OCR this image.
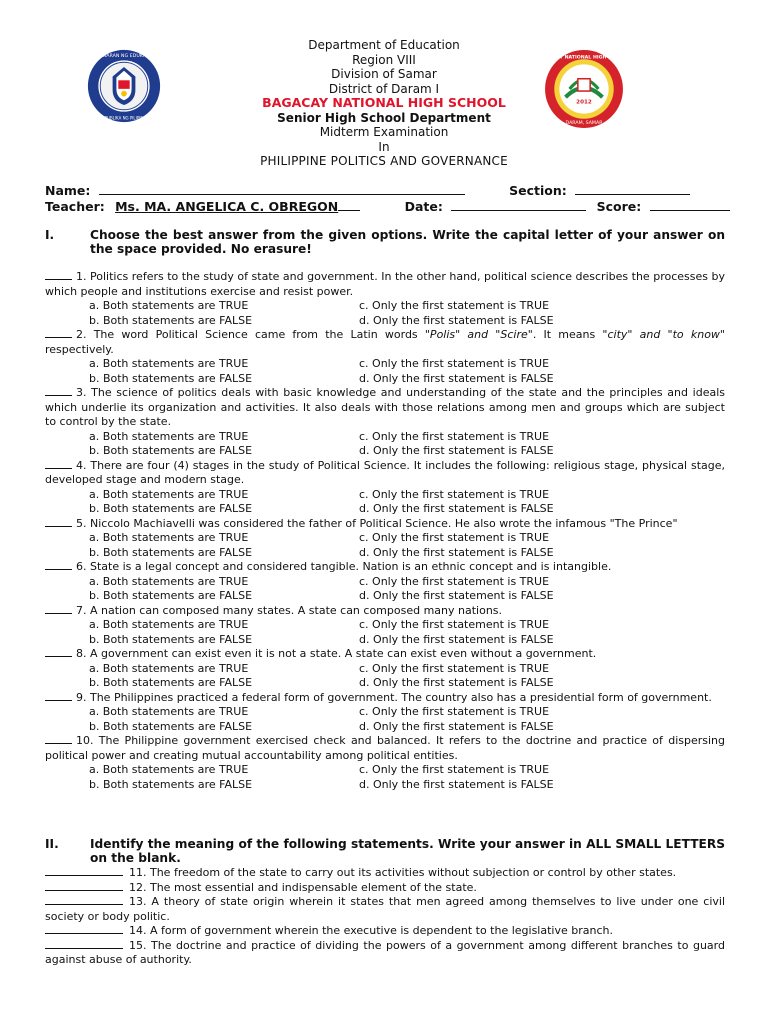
KAGAWARAN NG EDUKASYON
REPUBLIKA NG PILIPINAS
2012
BAGACAY NATIONAL HIGH SCHOOL
DARAM, SAMAR
Department of Education
Region VIII
Division of Samar
District of Daram I
BAGACAY NATIONAL HIGH SCHOOL
Senior High School Department
Midterm Examination
In
PHILIPPINE POLITICS AND GOVERNANCE
Name:	Section:
Teacher: Ms. MA. ANGELICA C. OBREGON	Date:	Score:
I.	Choose the best answer from the given options. Write the capital letter of your answer on the space provided. No erasure!
1. Politics refers to the study of state and government. In the other hand, political science describes the processes by which people and institutions exercise and resist power.
a. Both statements are TRUE	c. Only the first statement is TRUE
b. Both statements are FALSE	d. Only the first statement is FALSE
2. The word Political Science came from the Latin words "Polis" and "Scire". It means "city" and "to know" respectively.
a. Both statements are TRUE	c. Only the first statement is TRUE
b. Both statements are FALSE	d. Only the first statement is FALSE
3. The science of politics deals with basic knowledge and understanding of the state and the principles and ideals which underlie its organization and activities. It also deals with those relations among men and groups which are subject to control by the state.
a. Both statements are TRUE	c. Only the first statement is TRUE
b. Both statements are FALSE	d. Only the first statement is FALSE
4. There are four (4) stages in the study of Political Science. It includes the following: religious stage, physical stage, developed stage and modern stage.
a. Both statements are TRUE	c. Only the first statement is TRUE
b. Both statements are FALSE	d. Only the first statement is FALSE
5. Niccolo Machiavelli was considered the father of Political Science. He also wrote the infamous "The Prince"
a. Both statements are TRUE	c. Only the first statement is TRUE
b. Both statements are FALSE	d. Only the first statement is FALSE
6. State is a legal concept and considered tangible. Nation is an ethnic concept and is intangible.
a. Both statements are TRUE	c. Only the first statement is TRUE
b. Both statements are FALSE	d. Only the first statement is FALSE
7. A nation can composed many states. A state can composed many nations.
a. Both statements are TRUE	c. Only the first statement is TRUE
b. Both statements are FALSE	d. Only the first statement is FALSE
8. A government can exist even it is not a state. A state can exist even without a government.
a. Both statements are TRUE	c. Only the first statement is TRUE
b. Both statements are FALSE	d. Only the first statement is FALSE
9. The Philippines practiced a federal form of government. The country also has a presidential form of government.
a. Both statements are TRUE	c. Only the first statement is TRUE
b. Both statements are FALSE	d. Only the first statement is FALSE
10. The Philippine government exercised check and balanced. It refers to the doctrine and practice of dispersing political power and creating mutual accountability among political entities.
a. Both statements are TRUE	c. Only the first statement is TRUE
b. Both statements are FALSE	d. Only the first statement is FALSE
II.	Identify the meaning of the following statements. Write your answer in ALL SMALL LETTERS on the blank.
11. The freedom of the state to carry out its activities without subjection or control by other states.
12. The most essential and indispensable element of the state.
13. A theory of state origin wherein it states that men agreed among themselves to live under one civil society or body politic.
14. A form of government wherein the executive is dependent to the legislative branch.
15. The doctrine and practice of dividing the powers of a government among different branches to guard against abuse of authority.
